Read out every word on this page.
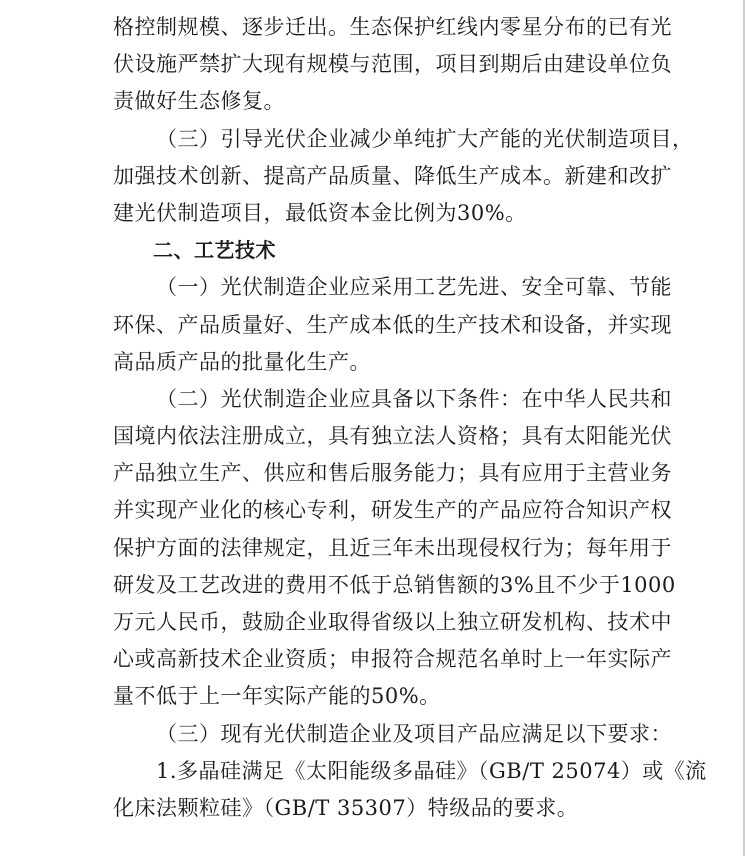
格控制规模、逐步迁出。生态保护红线内零星分布的已有光
伏设施严禁扩大现有规模与范围，项目到期后由建设单位负
责做好生态修复。
（三）引导光伏企业减少单纯扩大产能的光伏制造项目，
加强技术创新、提高产品质量、降低生产成本。新建和改扩
建光伏制造项目，最低资本金比例为30%。
二、工艺技术
（一）光伏制造企业应采用工艺先进、安全可靠、节能
环保、产品质量好、生产成本低的生产技术和设备，并实现
高品质产品的批量化生产。
（二）光伏制造企业应具备以下条件：在中华人民共和
国境内依法注册成立，具有独立法人资格；具有太阳能光伏
产品独立生产、供应和售后服务能力；具有应用于主营业务
并实现产业化的核心专利，研发生产的产品应符合知识产权
保护方面的法律规定，且近三年未出现侵权行为；每年用于
研发及工艺改进的费用不低于总销售额的3%且不少于1000
万元人民币，鼓励企业取得省级以上独立研发机构、技术中
心或高新技术企业资质；申报符合规范名单时上一年实际产
量不低于上一年实际产能的50%。
（三）现有光伏制造企业及项目产品应满足以下要求：
1.多晶硅满足《太阳能级多晶硅》（GB/T 25074）或《流
化床法颗粒硅》（GB/T 35307）特级品的要求。
